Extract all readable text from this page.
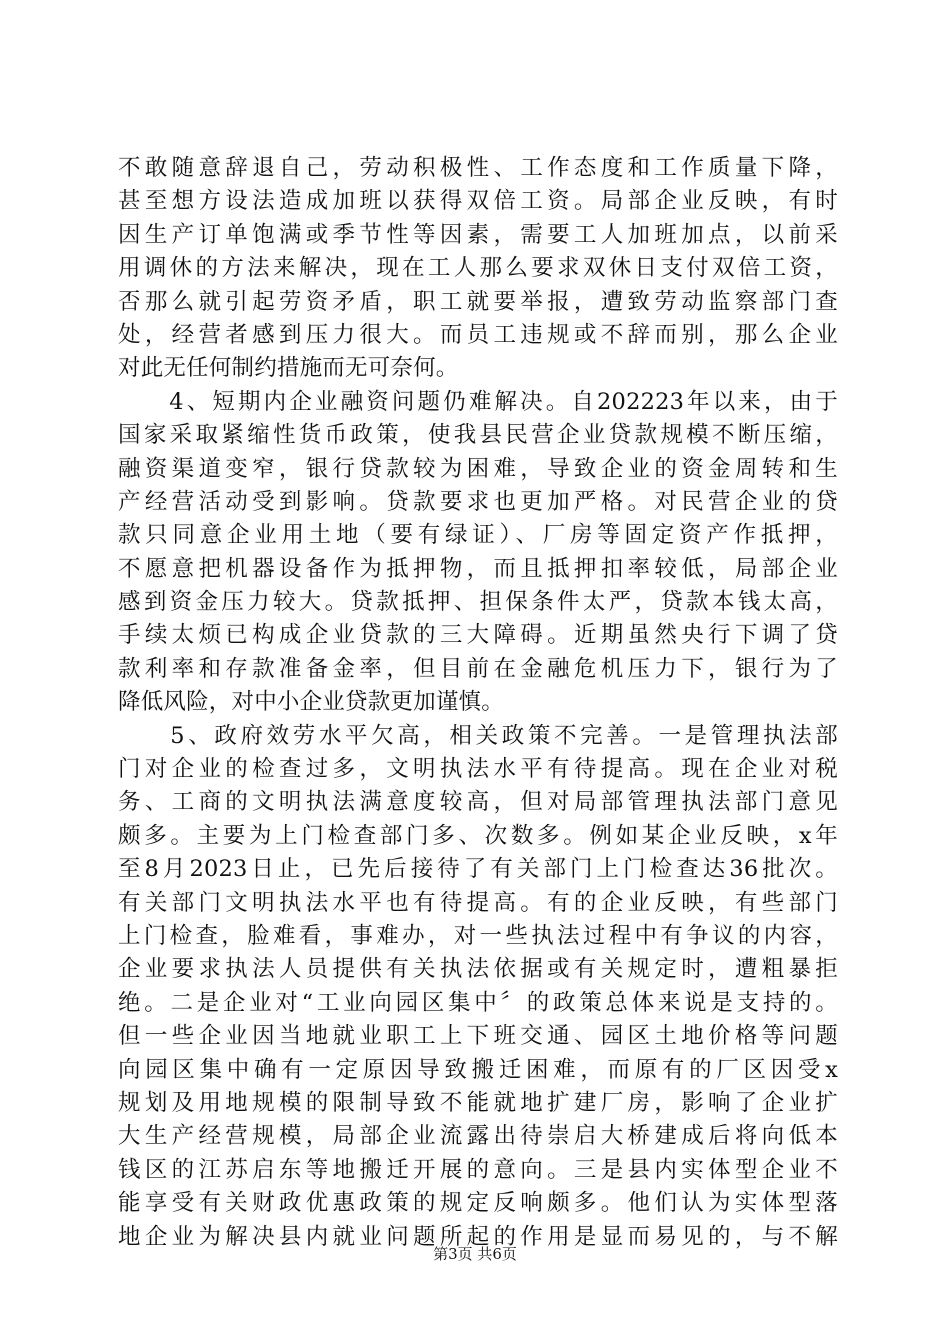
不敢随意辞退自己，劳动积极性、工作态度和工作质量下降，
甚至想方设法造成加班以获得双倍工资。局部企业反映，有时
因生产订单饱满或季节性等因素，需要工人加班加点，以前采
用调休的方法来解决，现在工人那么要求双休日支付双倍工资，
否那么就引起劳资矛盾，职工就要举报，遭致劳动监察部门查
处，经营者感到压力很大。而员工违规或不辞而别，那么企业
对此无任何制约措施而无可奈何。
　　4、短期内企业融资问题仍难解决。自202223年以来，由于
国家采取紧缩性货币政策，使我县民营企业贷款规模不断压缩，
融资渠道变窄，银行贷款较为困难，导致企业的资金周转和生
产经营活动受到影响。贷款要求也更加严格。对民营企业的贷
款只同意企业用土地（要有绿证）、厂房等固定资产作抵押，
不愿意把机器设备作为抵押物，而且抵押扣率较低，局部企业
感到资金压力较大。贷款抵押、担保条件太严，贷款本钱太高，
手续太烦已构成企业贷款的三大障碍。近期虽然央行下调了贷
款利率和存款准备金率，但目前在金融危机压力下，银行为了
降低风险，对中小企业贷款更加谨慎。
　　5、政府效劳水平欠高，相关政策不完善。一是管理执法部
门对企业的检查过多，文明执法水平有待提高。现在企业对税
务、工商的文明执法满意度较高，但对局部管理执法部门意见
颇多。主要为上门检查部门多、次数多。例如某企业反映，x年
至8月2023日止，已先后接待了有关部门上门检查达36批次。
有关部门文明执法水平也有待提高。有的企业反映，有些部门
上门检查，脸难看，事难办，对一些执法过程中有争议的内容，
企业要求执法人员提供有关执法依据或有关规定时，遭粗暴拒
绝。二是企业对“工业向园区集中〞的政策总体来说是支持的。
但一些企业因当地就业职工上下班交通、园区土地价格等问题
向园区集中确有一定原因导致搬迁困难，而原有的厂区因受x
规划及用地规模的限制导致不能就地扩建厂房，影响了企业扩
大生产经营规模，局部企业流露出待崇启大桥建成后将向低本
钱区的江苏启东等地搬迁开展的意向。三是县内实体型企业不
能享受有关财政优惠政策的规定反响颇多。他们认为实体型落
地企业为解决县内就业问题所起的作用是显而易见的，与不解
第3页 共6页
